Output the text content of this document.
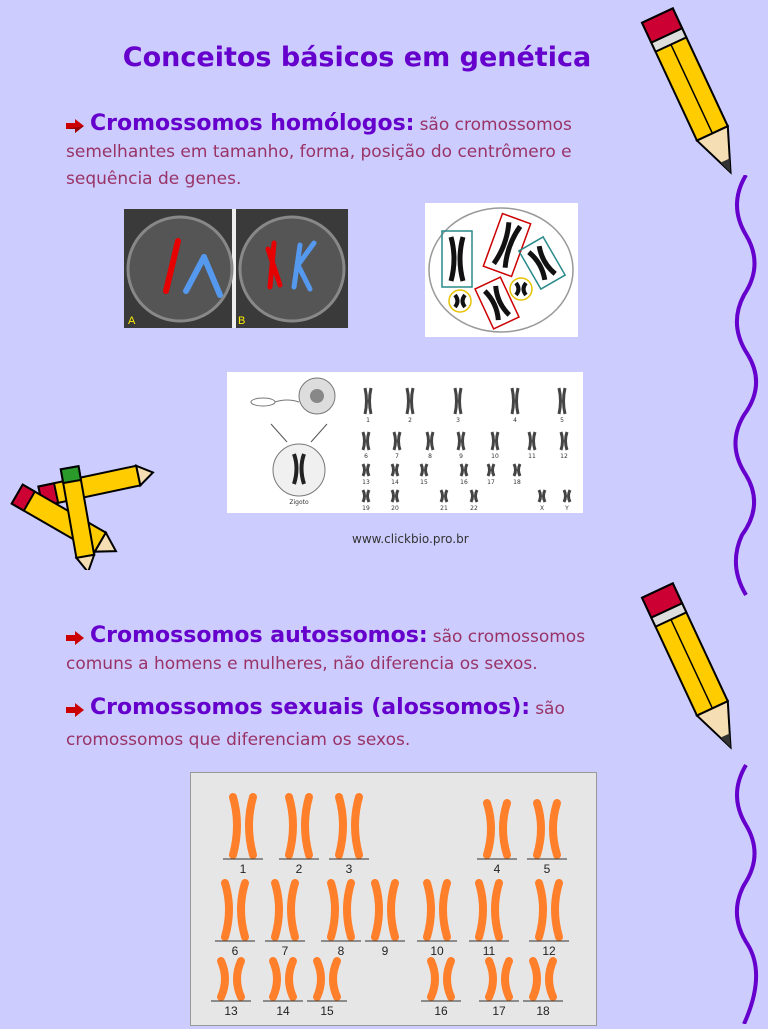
Conceitos básicos em genética
Cromossomos homólogos: são cromossomos
semelhantes em tamanho, forma, posição do centrômero e
sequência de genes.
A	B
Zigoto
1	2	3	4	5
6	7	8	9	10	11	12
13	14	15	16	17	18
19	20	21	22	X	Y
www.clickbio.pro.br
Cromossomos autossomos: são cromossomos
comuns a homens e mulheres, não diferencia os sexos.
Cromossomos sexuais (alossomos): são
cromossomos que diferenciam os sexos.
1	2	3	4	5
6	7	8	9	10	11	12
13	14	15	16	17	18
